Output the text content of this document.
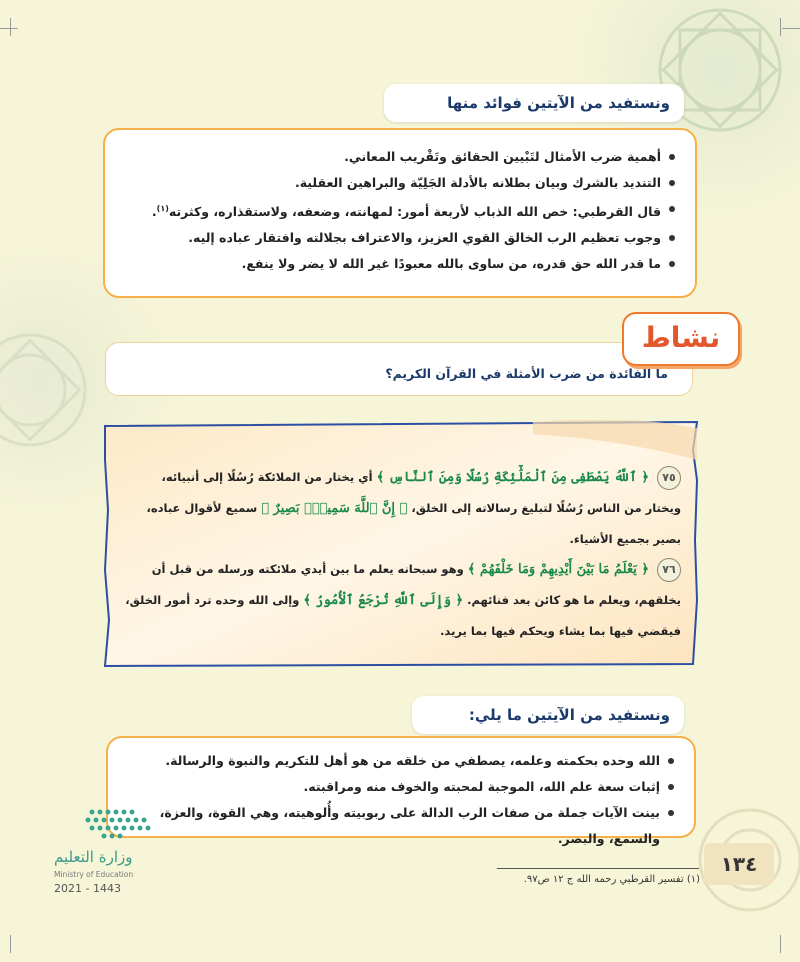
ونستفيد من الآيتين فوائد منها
أهمية ضرب الأمثال لتَبْيين الحقائق وتَقْريب المعاني.
التنديد بالشرك وبيان بطلانه بالأدلة الجَلِيّة والبراهين العقلية.
قال القرطبي: خص الله الذباب لأربعة أمور: لمهانته، وضعفه، ولاستقذاره، وكثرته$^{(١)}$.
وجوب تعظيم الرب الخالق القوي العزيز، والاعتراف بجلالته وافتقار عباده إليه.
ما قدر الله حق قدره، من ساوى بالله معبودًا غير الله لا يضر ولا ينفع.
ما الفائدة من ضرب الأمثلة في القرآن الكريم؟
نشاط

٧٥ ﴿ ٱللَّهُ يَصْطَفِى مِنَ ٱلْمَلَٰٓئِكَةِ رُسُلًا وَمِنَ ٱلنَّاسِ ﴾ أي يختار من الملائكة رُسُلًا إلى أنبيائه، ويختار من الناس رُسُلًا لتبليغ رسالاته إلى الخلق، ﴿ إِنَّ ٱللَّهَ سَمِيعٌۢ بَصِيرٌ ﴾ سميع لأقوال عباده، بصير بجميع الأشياء.

٧٦ ﴿ يَعْلَمُ مَا بَيْنَ أَيْدِيهِمْ وَمَا خَلْفَهُمْ ﴾ وهو سبحانه يعلم ما بين أيدي ملائكته ورسله من قبل أن يخلقهم، ويعلم ما هو كائن بعد فنائهم. ﴿ وَإِلَى ٱللَّهِ تُرْجَعُ ٱلْأُمُورُ ﴾ وإلى الله وحده ترد أمور الخلق، فيقضي فيها بما يشاء ويحكم فيها بما يريد.

ونستفيد من الآيتين ما يلي:
الله وحده بحكمته وعلمه، يصطفي من خلقه من هو أهل للتكريم والنبوة والرسالة.
إثبات سعة علم الله، الموجبة لمحبته والخوف منه ومراقبته.
بينت الآيات جملة من صفات الرب الدالة على ربوبيته وأُلوهيته، وهي القوة، والعزة، والسمع، والبصر.
(١) تفسير القرطبي رحمه الله ج ١٢ ص٩٧.
١٣٤
وزارة التعليم
Ministry of Education
2021 - 1443
